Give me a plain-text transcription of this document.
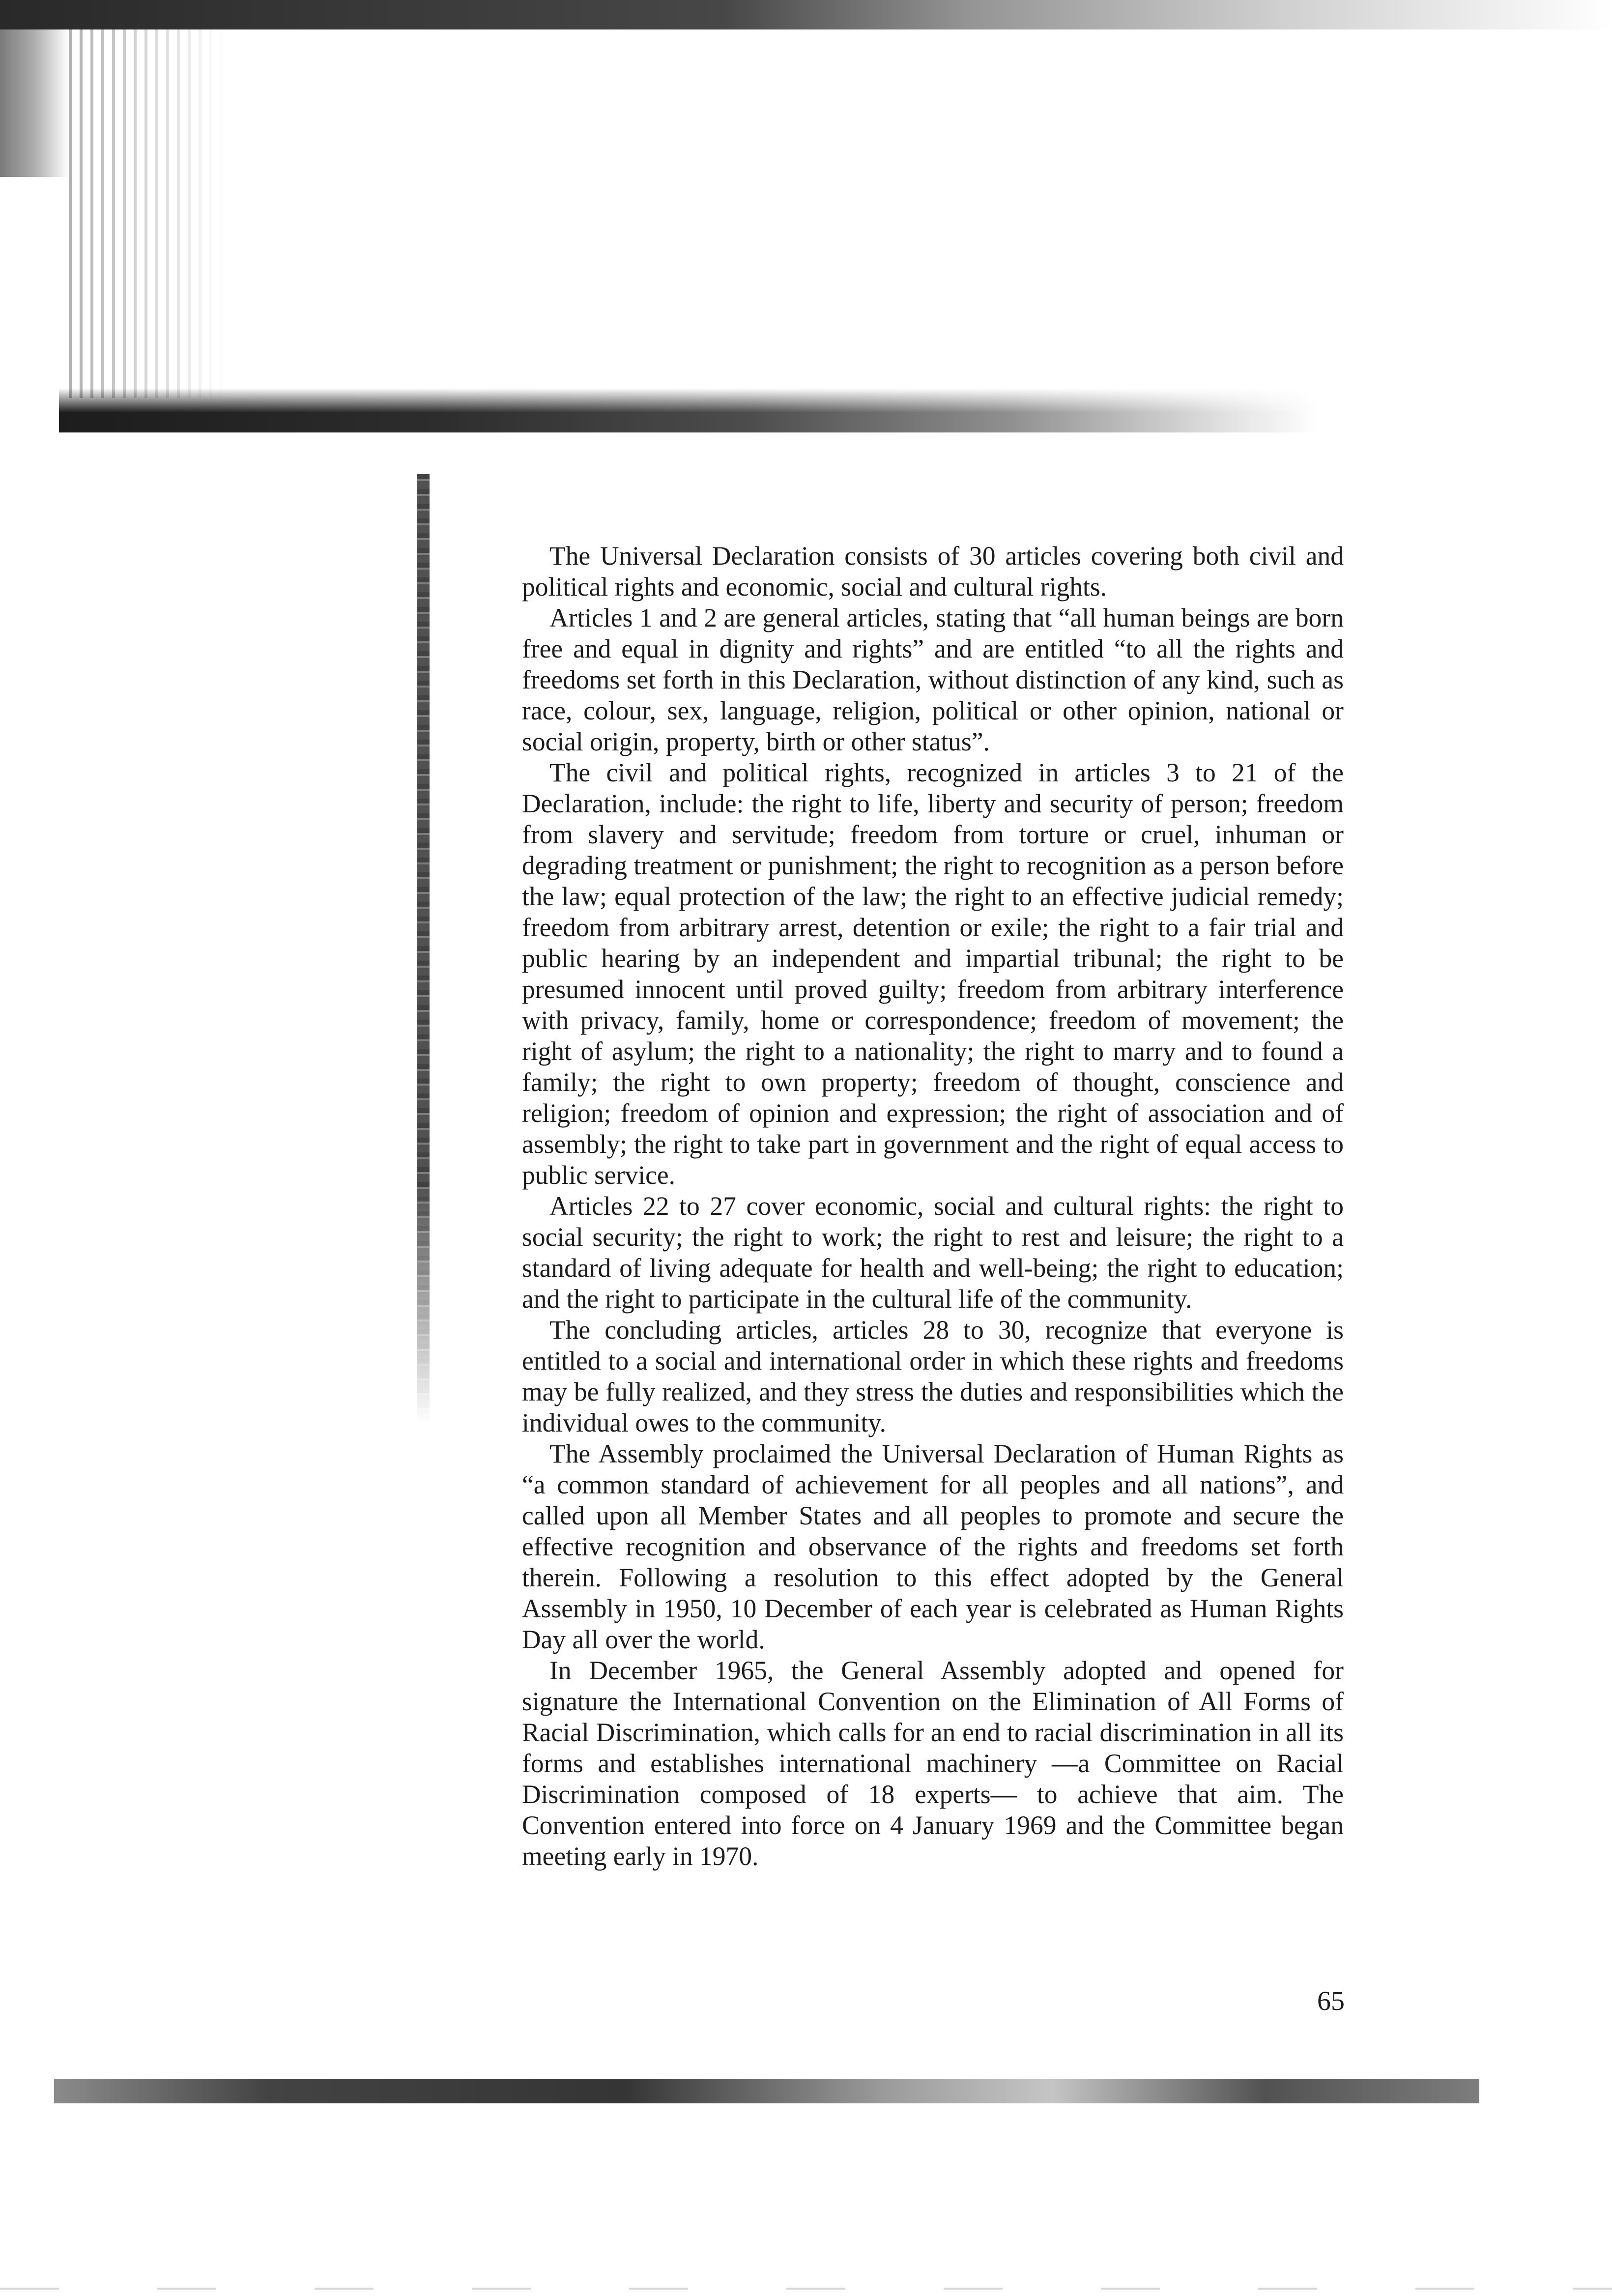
The Universal Declaration consists of 30 articles covering both civil and political rights and economic, social and cultural rights.

Articles 1 and 2 are general articles, stating that “all human beings are born free and equal in dignity and rights” and are entitled “to all the rights and freedoms set forth in this Declaration, without distinction of any kind, such as race, colour, sex, language, religion, political or other opinion, national or social origin, property, birth or other status”.

The civil and political rights, recognized in articles 3 to 21 of the Declaration, include: the right to life, liberty and security of person; freedom from slavery and servitude; freedom from torture or cruel, inhuman or degrading treatment or punishment; the right to recognition as a person before the law; equal protection of the law; the right to an effective judicial remedy; freedom from arbitrary arrest, detention or exile; the right to a fair trial and public hearing by an independent and impartial tribunal; the right to be presumed innocent until proved guilty; freedom from arbitrary interference with privacy, family, home or correspondence; freedom of movement; the right of asylum; the right to a nationality; the right to marry and to found a family; the right to own property; freedom of thought, conscience and religion; freedom of opinion and expression; the right of association and of assembly; the right to take part in government and the right of equal access to public service.

Articles 22 to 27 cover economic, social and cultural rights: the right to social security; the right to work; the right to rest and leisure; the right to a standard of living adequate for health and well-being; the right to education; and the right to participate in the cultural life of the community.

The concluding articles, articles 28 to 30, recognize that everyone is entitled to a social and international order in which these rights and freedoms may be fully realized, and they stress the duties and responsibilities which the individual owes to the community.

The Assembly proclaimed the Universal Declaration of Human Rights as “a common standard of achievement for all peoples and all nations”, and called upon all Member States and all peoples to promote and secure the effective recognition and observance of the rights and freedoms set forth therein. Following a resolution to this effect adopted by the General Assembly in 1950, 10 December of each year is celebrated as Human Rights Day all over the world.

In December 1965, the General Assembly adopted and opened for signature the International Convention on the Elimination of All Forms of Racial Discrimination, which calls for an end to racial discrimination in all its forms and establishes international machinery —a Committee on Racial Discrimination composed of 18 experts— to achieve that aim. The Convention entered into force on 4 January 1969 and the Committee began meeting early in 1970.

65
